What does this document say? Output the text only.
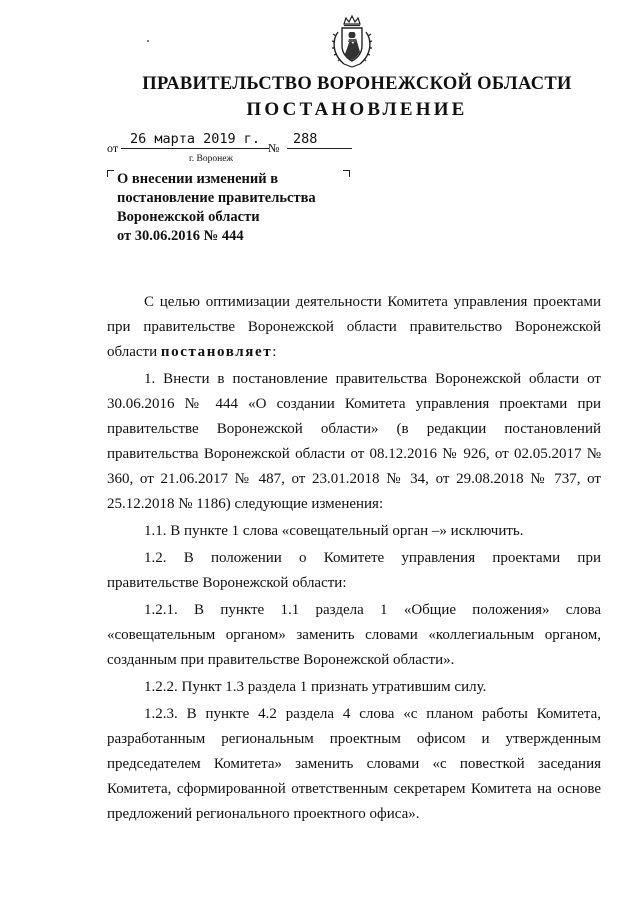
ПРАВИТЕЛЬСТВО ВОРОНЕЖСКОЙ ОБЛАСТИ
ПОСТАНОВЛЕНИЕ
от
26 марта 2019 г.
№
288
г. Воронеж
О внесении изменений в
постановление правительства
Воронежской области
от 30.06.2016 № 444

С целью оптимизации деятельности Комитета управления проектами при правительстве Воронежской области правительство Воронежской области постановляет:

1. Внести в постановление правительства Воронежской области от 30.06.2016 № 444 «О создании Комитета управления проектами при правительстве Воронежской области» (в редакции постановлений правительства Воронежской области от 08.12.2016 № 926, от 02.05.2017 № 360, от 21.06.2017 № 487, от 23.01.2018 № 34, от 29.08.2018 № 737, от 25.12.2018 № 1186) следующие изменения:

1.1. В пункте 1 слова «совещательный орган –» исключить.

1.2. В положении о Комитете управления проектами при правительстве Воронежской области:

1.2.1. В пункте 1.1 раздела 1 «Общие положения» слова «совещательным органом» заменить словами «коллегиальным органом, созданным при правительстве Воронежской области».

1.2.2. Пункт 1.3 раздела 1 признать утратившим силу.

1.2.3. В пункте 4.2 раздела 4 слова «с планом работы Комитета, разработанным региональным проектным офисом и утвержденным председателем Комитета» заменить словами «с повесткой заседания Комитета, сформированной ответственным секретарем Комитета на основе предложений регионального проектного офиса».
